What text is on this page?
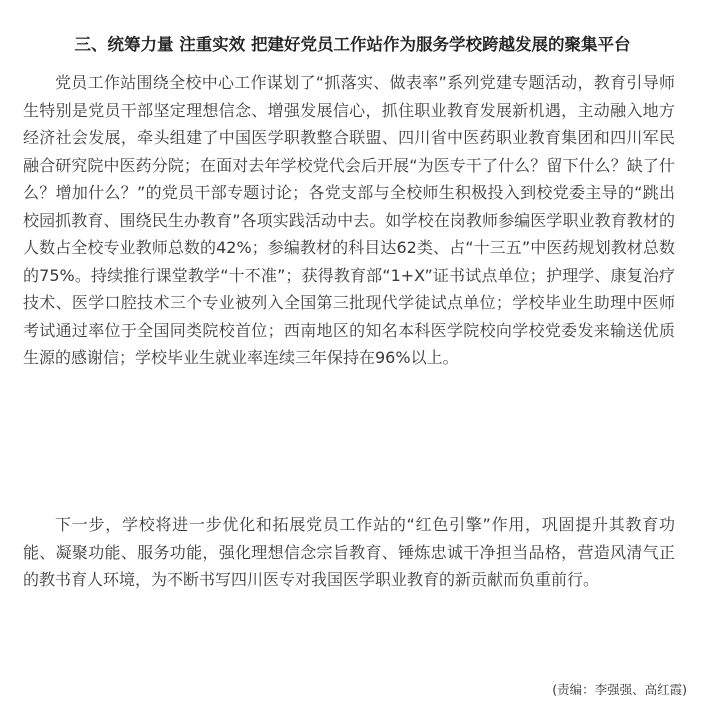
三、统筹力量 注重实效 把建好党员工作站作为服务学校跨越发展的聚集平台

党员工作站围绕全校中心工作谋划了“抓落实、做表率”系列党建专题活动，教育引导师生特别是党员干部坚定理想信念、增强发展信心，抓住职业教育发展新机遇，主动融入地方经济社会发展，牵头组建了中国医学职教整合联盟、四川省中医药职业教育集团和四川军民融合研究院中医药分院；在面对去年学校党代会后开展“为医专干了什么？留下什么？缺了什么？增加什么？”的党员干部专题讨论；各党支部与全校师生积极投入到校党委主导的“跳出校园抓教育、围绕民生办教育”各项实践活动中去。如学校在岗教师参编医学职业教育教材的人数占全校专业教师总数的42%；参编教材的科目达62类、占“十三五”中医药规划教材总数的75%。持续推行课堂教学“十不准”；获得教育部“1+X”证书试点单位；护理学、康复治疗技术、医学口腔技术三个专业被列入全国第三批现代学徒试点单位；学校毕业生助理中医师考试通过率位于全国同类院校首位；西南地区的知名本科医学院校向学校党委发来输送优质生源的感谢信；学校毕业生就业率连续三年保持在96%以上。

下一步，学校将进一步优化和拓展党员工作站的“红色引擎”作用，巩固提升其教育功能、凝聚功能、服务功能，强化理想信念宗旨教育、锤炼忠诚干净担当品格，营造风清气正的教书育人环境，为不断书写四川医专对我国医学职业教育的新贡献而负重前行。

(责编：李强强、高红霞)
